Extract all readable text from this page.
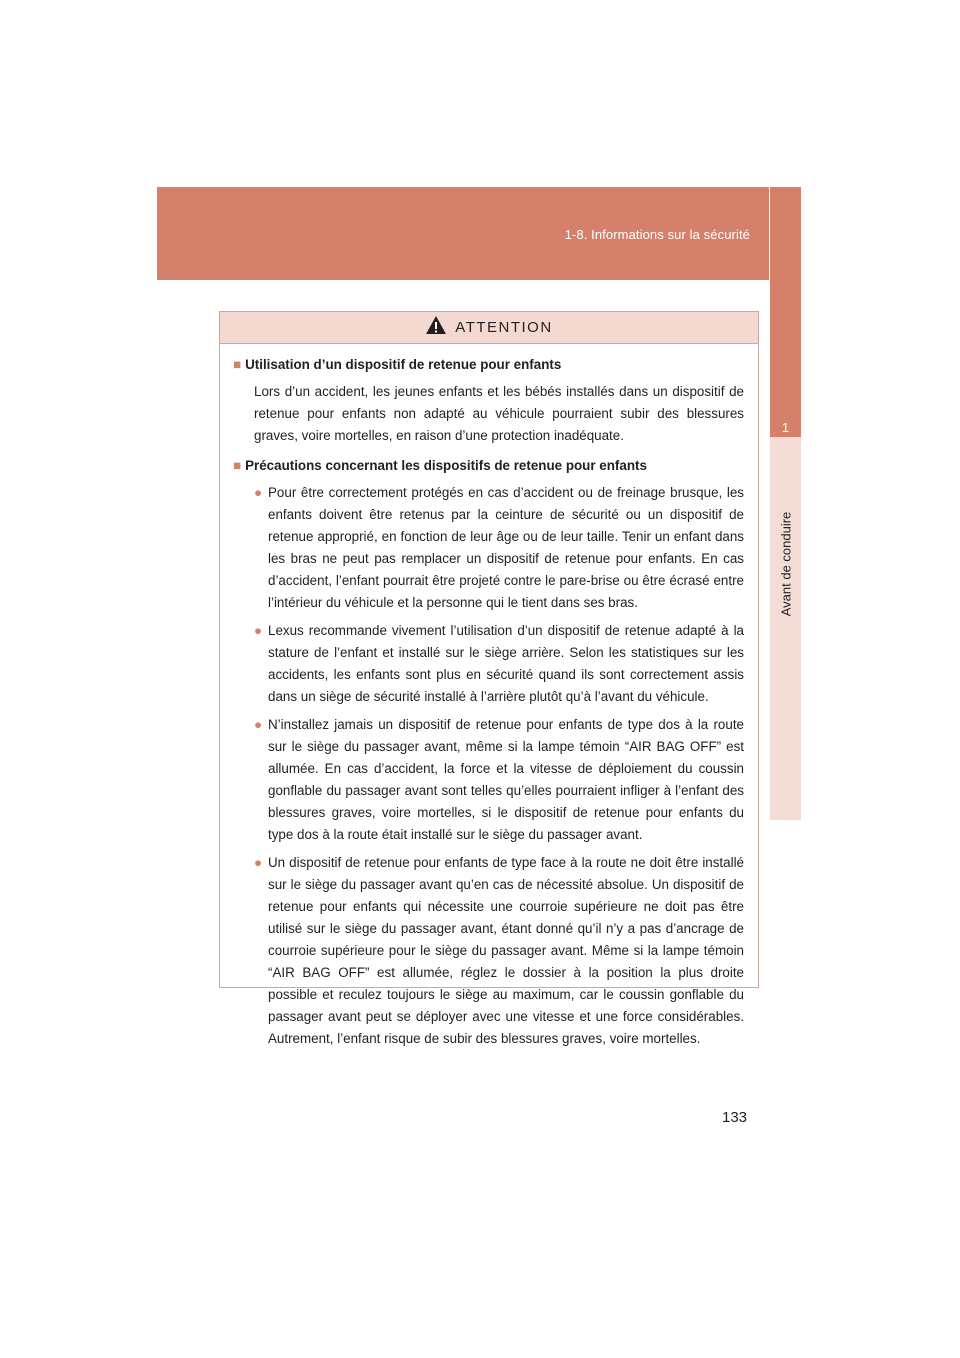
1-8. Informations sur la sécurité
1
Avant de conduire
ATTENTION

■ Utilisation d’un dispositif de retenue pour enfants

Lors d’un accident, les jeunes enfants et les bébés installés dans un dispositif de retenue pour enfants non adapté au véhicule pourraient subir des blessures graves, voire mortelles, en raison d’une protection inadéquate.

■ Précautions concernant les dispositifs de retenue pour enfants

● Pour être correctement protégés en cas d’accident ou de freinage brusque, les enfants doivent être retenus par la ceinture de sécurité ou un dispositif de retenue approprié, en fonction de leur âge ou de leur taille. Tenir un enfant dans les bras ne peut pas remplacer un dispositif de retenue pour enfants. En cas d’accident, l’enfant pourrait être projeté contre le pare-brise ou être écrasé entre l’intérieur du véhicule et la personne qui le tient dans ses bras.
● Lexus recommande vivement l’utilisation d’un dispositif de retenue adapté à la stature de l’enfant et installé sur le siège arrière. Selon les statistiques sur les accidents, les enfants sont plus en sécurité quand ils sont correctement assis dans un siège de sécurité installé à l’arrière plutôt qu’à l’avant du véhicule.
● N’installez jamais un dispositif de retenue pour enfants de type dos à la route sur le siège du passager avant, même si la lampe témoin “AIR BAG OFF” est allumée. En cas d’accident, la force et la vitesse de déploiement du coussin gonflable du passager avant sont telles qu’elles pourraient infliger à l’enfant des blessures graves, voire mortelles, si le dispositif de retenue pour enfants du type dos à la route était installé sur le siège du passager avant.
● Un dispositif de retenue pour enfants de type face à la route ne doit être installé sur le siège du passager avant qu’en cas de nécessité absolue. Un dispositif de retenue pour enfants qui nécessite une courroie supérieure ne doit pas être utilisé sur le siège du passager avant, étant donné qu’il n’y a pas d’ancrage de courroie supérieure pour le siège du passager avant. Même si la lampe témoin “AIR BAG OFF” est allumée, réglez le dossier à la position la plus droite possible et reculez toujours le siège au maximum, car le coussin gonflable du passager avant peut se déployer avec une vitesse et une force considérables. Autrement, l’enfant risque de subir des blessures graves, voire mortelles.
133
